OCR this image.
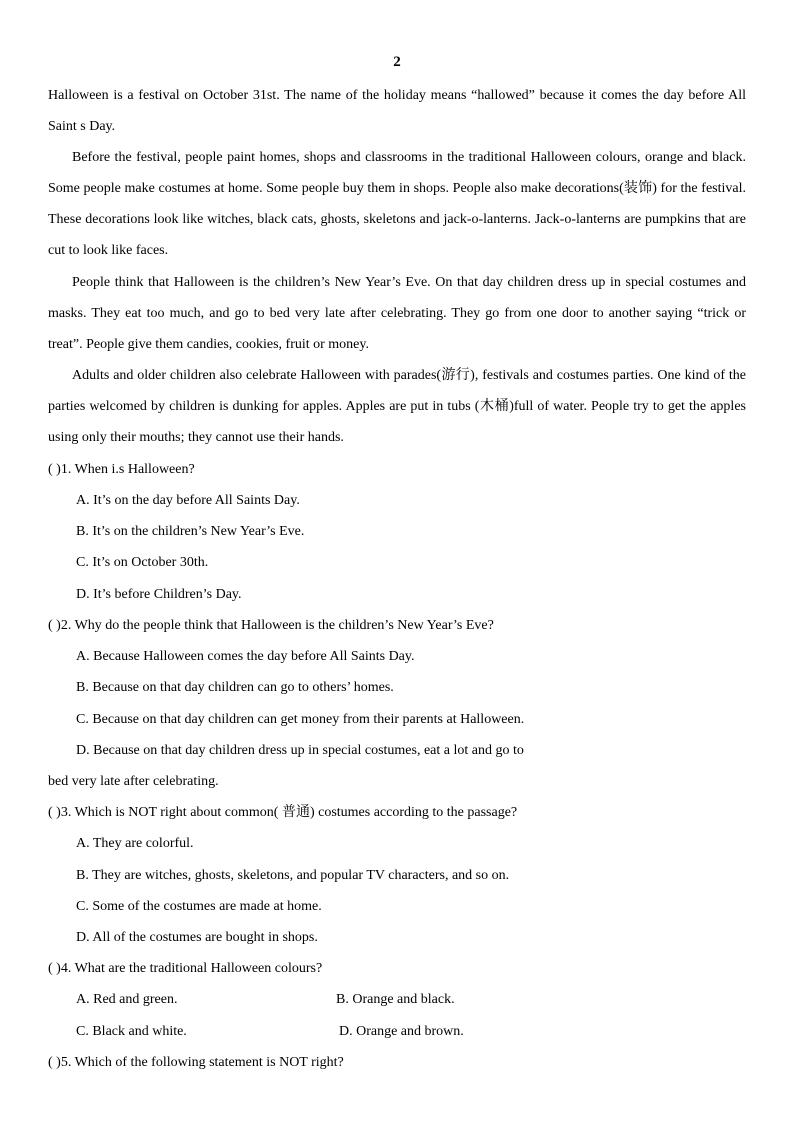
2

Halloween is a festival on October 31st. The name of the holiday means “hallowed” because it comes the day before All Saint s Day.

Before the festival, people paint homes, shops and classrooms in the traditional Halloween colours, orange and black. Some people make costumes at home. Some people buy them in shops. People also make decorations(装饰) for the festival. These decorations look like witches, black cats, ghosts, skeletons and jack-o-lanterns. Jack-o-lanterns are pumpkins that are cut to look like faces.

People think that Halloween is the children’s New Year’s Eve. On that day children dress up in special costumes and masks. They eat too much, and go to bed very late after celebrating. They go from one door to another saying “trick or treat”. People give them candies, cookies, fruit or money.

Adults and older children also celebrate Halloween with parades(游行), festivals and costumes parties. One kind of the parties welcomed by children is dunking for apples. Apples are put in tubs (木桶)full of water. People try to get the apples using only their mouths; they cannot use their hands.

( )1. When i.s Halloween?
A. It’s on the day before All Saints Day.
B. It’s on the children’s New Year’s Eve.
C. It’s on October 30th.
D. It’s before Children’s Day.
( )2. Why do the people think that Halloween is the children’s New Year’s Eve?
A. Because Halloween comes the day before All Saints Day.
B. Because on that day children can go to others’ homes.
C. Because on that day children can get money from their parents at Halloween.
D. Because on that day children dress up in special costumes, eat a lot and go to
bed very late after celebrating.
( )3. Which is NOT right about common( 普通) costumes according to the passage?
A. They are colorful.
B. They are witches, ghosts, skeletons, and popular TV characters, and so on.
C. Some of the costumes are made at home.
D. All of the costumes are bought in shops.
( )4. What are the traditional Halloween colours?
A. Red and green.	B. Orange and black.
C. Black and white.	D. Orange and brown.
( )5. Which of the following statement is NOT right?
